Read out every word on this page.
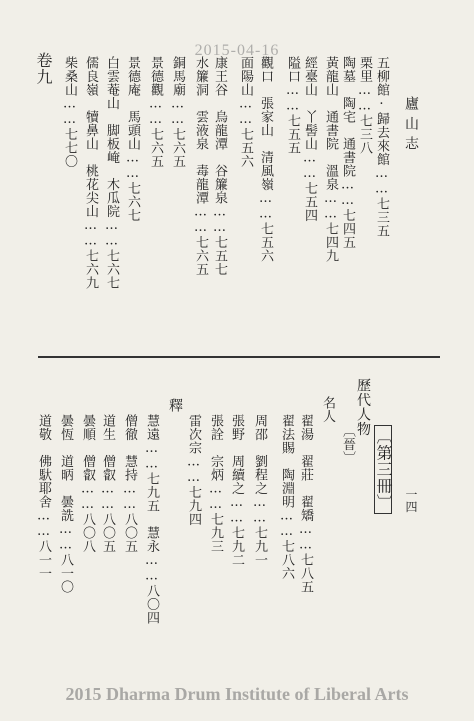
2015-04-16
一四
廬山志
卷九	五柳館·歸去來館……七三五
栗里……七三八
陶墓　陶宅　通書院……七四五
黃龍山　通書院　溫泉……七四九
經臺山　丫髻山……七五四
隘口……七五五
觀口　張家山　清風嶺……七五六
面陽山……七五六
康王谷　烏龍潭　谷簾泉……七五七
水簾洞　雲液泉　毒龍潭……七六五
銅馬廟……七六五
景德觀……七六五
景德庵　馬頭山……七六七
白雲菴山　脚板崦　木瓜院……七六七
儒良嶺　犢鼻山　桃花尖山……七六九
柴桑山……七七〇
〔第三冊〕
歷代人物
〔晉〕
名人
翟湯　翟莊　翟矯……七八五
翟法賜　陶淵明……七八六
周邵　劉程之……七九一
張野　周續之……七九二
張詮　宗炳……七九三
雷次宗……七九四
釋
慧遠……七九五　慧永……八〇四
僧徹　慧持……八〇五
道生　僧叡……八〇五
曇順　僧叡……八〇八
曇恆　道昞　曇詵……八一〇
道敬　佛馱耶舍……八一一
2015 Dharma Drum Institute of Liberal Arts
